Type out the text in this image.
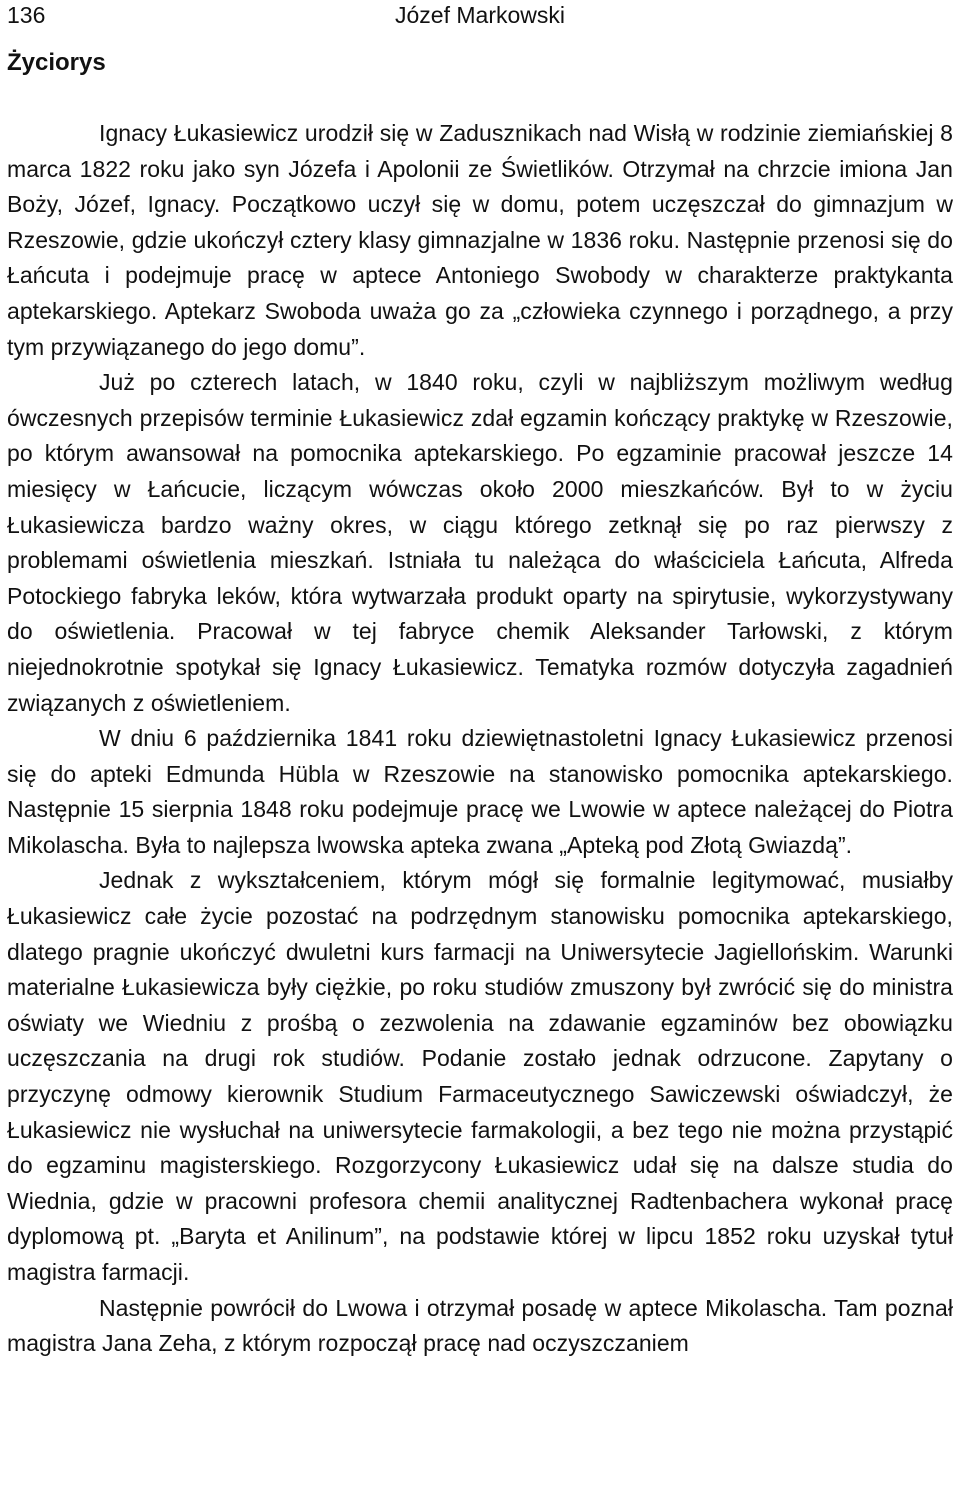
136	Józef Markowski
Życiorys

Ignacy Łukasiewicz urodził się w Zadusznikach nad Wisłą w rodzinie ziemiańskiej 8 marca 1822 roku jako syn Józefa i Apolonii ze Świetlików. Otrzymał na chrzcie imiona Jan Boży, Józef, Ignacy. Początkowo uczył się w domu, potem uczęszczał do gimnazjum w Rzeszowie, gdzie ukończył cztery klasy gimnazjalne w 1836 roku. Następnie przenosi się do Łańcuta i podejmuje pracę w aptece Antoniego Swobody w charakterze praktykanta aptekarskiego. Aptekarz Swoboda uważa go za „człowieka czynnego i porządnego, a przy tym przywiązanego do jego domu”.

Już po czterech latach, w 1840 roku, czyli w najbliższym możliwym według ówczesnych przepisów terminie Łukasiewicz zdał egzamin kończący praktykę w Rzeszowie, po którym awansował na pomocnika aptekarskiego. Po egzaminie pracował jeszcze 14 miesięcy w Łańcucie, liczącym wówczas około 2000 mieszkańców. Był to w życiu Łukasiewicza bardzo ważny okres, w ciągu którego zetknął się po raz pierwszy z problemami oświetlenia mieszkań. Istniała tu należąca do właściciela Łańcuta, Alfreda Potockiego fabryka leków, która wytwarzała produkt oparty na spirytusie, wykorzystywany do oświetlenia. Pracował w tej fabryce chemik Aleksander Tarłowski, z którym niejednokrotnie spotykał się Ignacy Łukasiewicz. Tematyka rozmów dotyczyła zagadnień związanych z oświetleniem.

W dniu 6 października 1841 roku dziewiętnastoletni Ignacy Łukasiewicz przenosi się do apteki Edmunda Hübla w Rzeszowie na stanowisko pomocnika aptekarskiego. Następnie 15 sierpnia 1848 roku podejmuje pracę we Lwowie w aptece należącej do Piotra Mikolascha. Była to najlepsza lwowska apteka zwana „Apteką pod Złotą Gwiazdą”.

Jednak z wykształceniem, którym mógł się formalnie legitymować, musiałby Łukasiewicz całe życie pozostać na podrzędnym stanowisku pomocnika aptekarskiego, dlatego pragnie ukończyć dwuletni kurs farmacji na Uniwersytecie Jagiellońskim. Warunki materialne Łukasiewicza były ciężkie, po roku studiów zmuszony był zwrócić się do ministra oświaty we Wiedniu z prośbą o zezwolenia na zdawanie egzaminów bez obowiązku uczęszczania na drugi rok studiów. Podanie zostało jednak odrzucone. Zapytany o przyczynę odmowy kierownik Studium Farmaceutycznego Sawiczewski oświadczył, że Łukasiewicz nie wysłuchał na uniwersytecie farmakologii, a bez tego nie można przystąpić do egzaminu magisterskiego. Rozgorzycony Łukasiewicz udał się na dalsze studia do Wiednia, gdzie w pracowni profesora chemii analitycznej Radtenbachera wykonał pracę dyplomową pt. „Baryta et Anilinum”, na podstawie której w lipcu 1852 roku uzyskał tytuł magistra farmacji.

Następnie powrócił do Lwowa i otrzymał posadę w aptece Mikolascha. Tam poznał magistra Jana Zeha, z którym rozpoczął pracę nad oczyszczaniem
